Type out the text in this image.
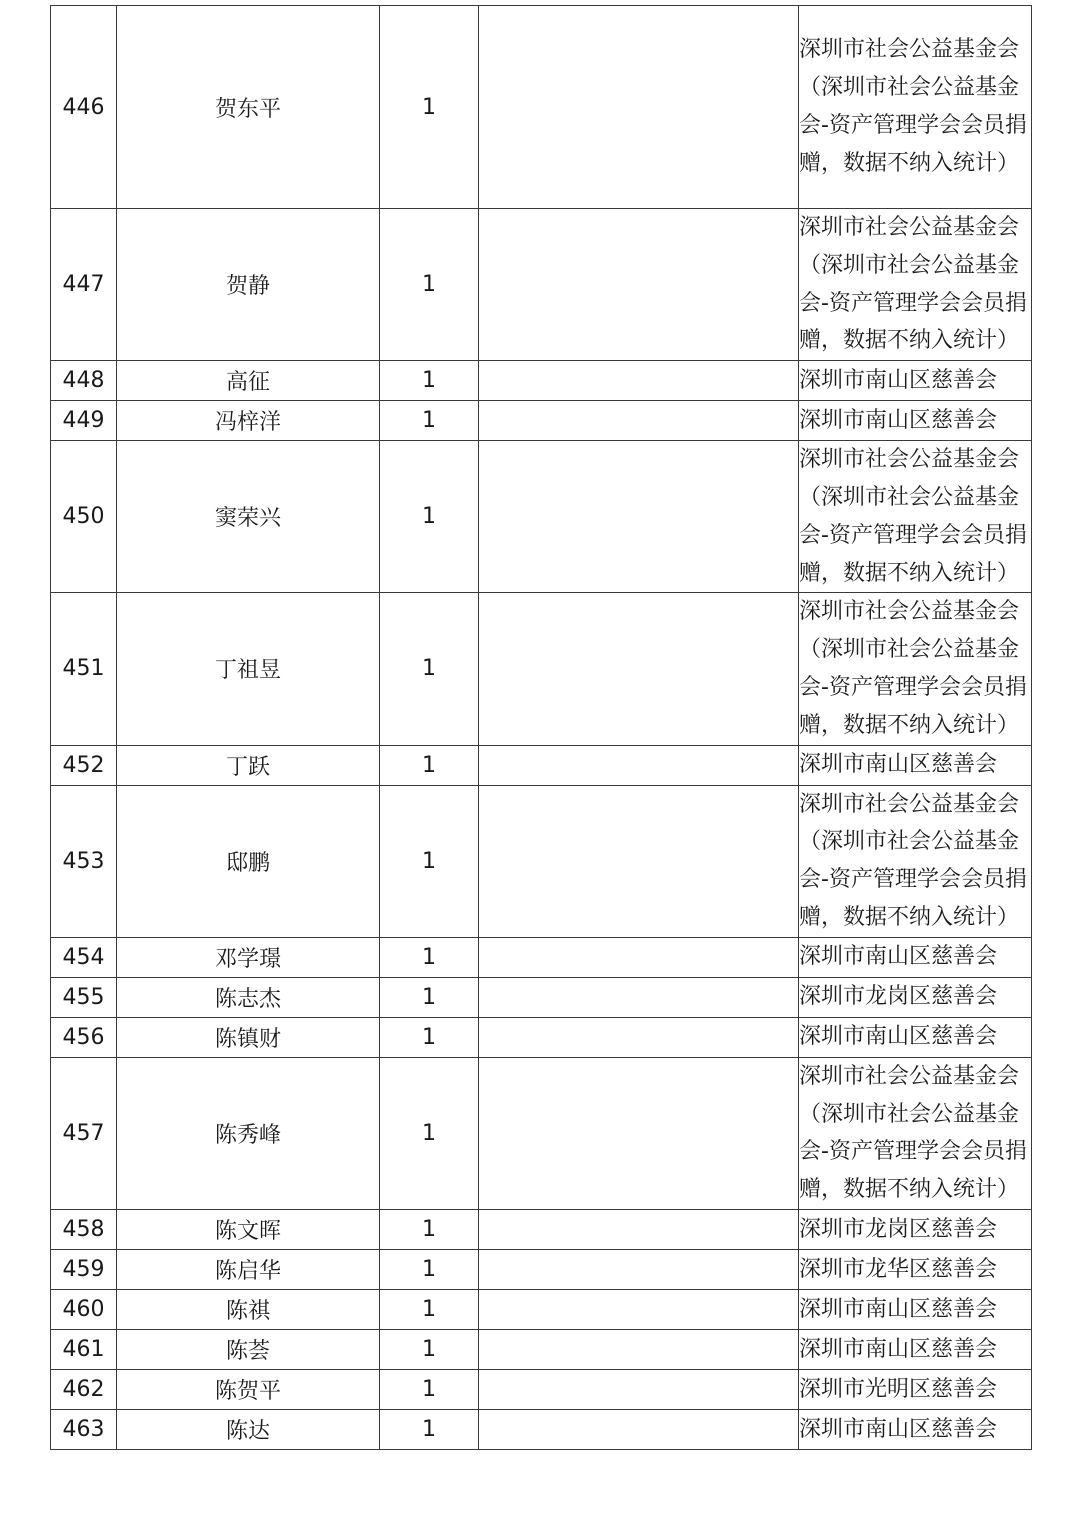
446	贺东平	1		深圳市社会公益基金会（深圳市社会公益基金会-资产管理学会会员捐赠，数据不纳入统计）
447	贺静	1		深圳市社会公益基金会（深圳市社会公益基金会-资产管理学会会员捐赠，数据不纳入统计）
448	高征	1		深圳市南山区慈善会
449	冯梓洋	1		深圳市南山区慈善会
450	窦荣兴	1		深圳市社会公益基金会（深圳市社会公益基金会-资产管理学会会员捐赠，数据不纳入统计）
451	丁祖昱	1		深圳市社会公益基金会（深圳市社会公益基金会-资产管理学会会员捐赠，数据不纳入统计）
452	丁跃	1		深圳市南山区慈善会
453	邸鹏	1		深圳市社会公益基金会（深圳市社会公益基金会-资产管理学会会员捐赠，数据不纳入统计）
454	邓学璟	1		深圳市南山区慈善会
455	陈志杰	1		深圳市龙岗区慈善会
456	陈镇财	1		深圳市南山区慈善会
457	陈秀峰	1		深圳市社会公益基金会（深圳市社会公益基金会-资产管理学会会员捐赠，数据不纳入统计）
458	陈文晖	1		深圳市龙岗区慈善会
459	陈启华	1		深圳市龙华区慈善会
460	陈祺	1		深圳市南山区慈善会
461	陈荟	1		深圳市南山区慈善会
462	陈贺平	1		深圳市光明区慈善会
463	陈达	1		深圳市南山区慈善会
